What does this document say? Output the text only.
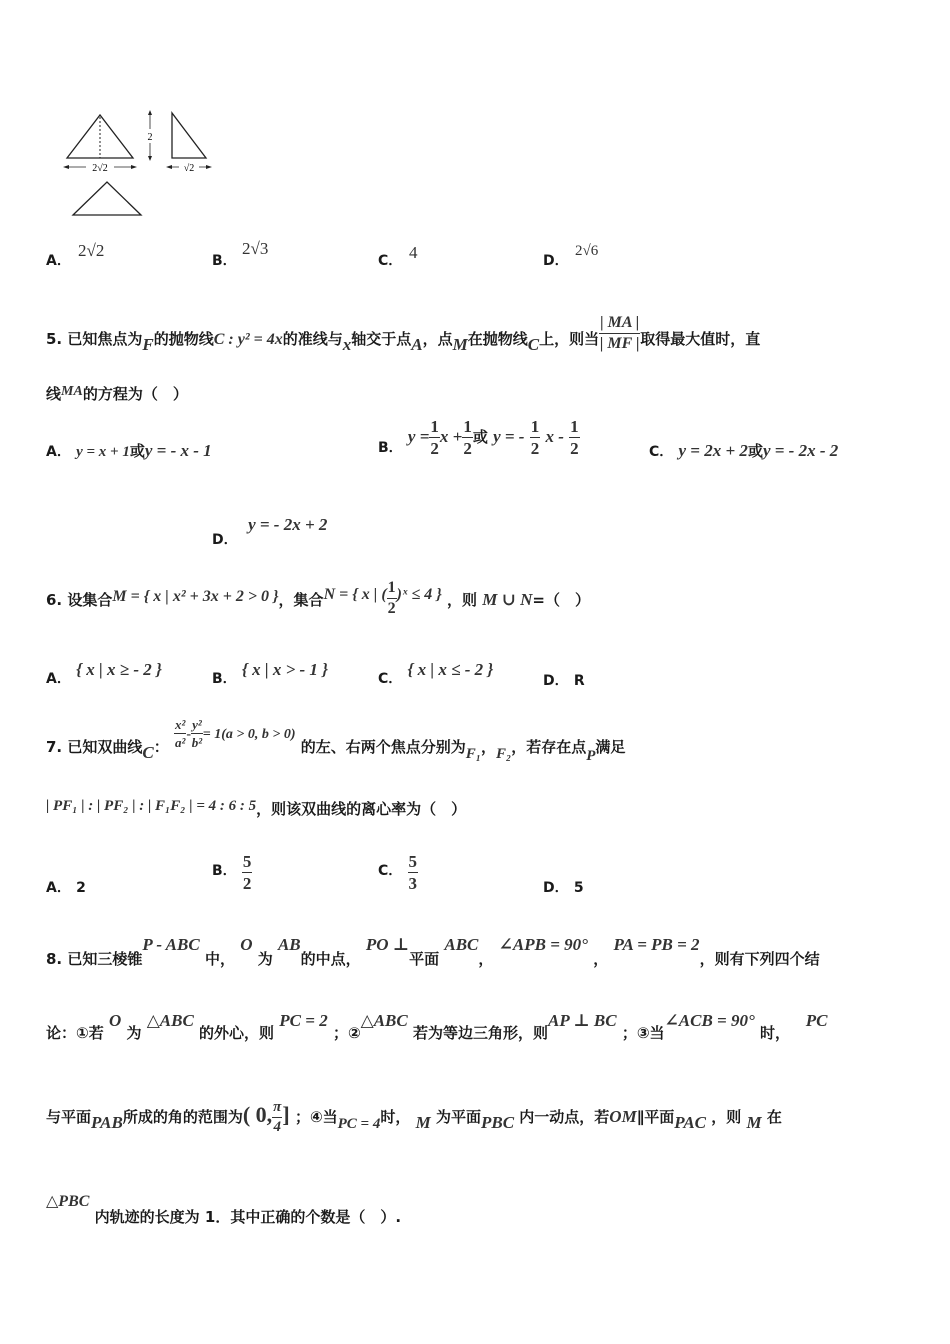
2
2√2	√2
A．
2√2
B．
2√3
C． 4	D．
2√6
5. 已知焦点为F的抛物线C : y² = 4x的准线与x轴交于点A，点M在抛物线C上，则当 $\frac{| MA |}{| MF |}$ 取得最大值时，直
线MA的方程为（　）
A． y = x + 1或y = - x - 1	B． $y = \frac{1}{2}$ $x + \frac{1}{2}$ 或 y = - $\frac{1}{2}$ x - $\frac{1}{2}$	C． y = 2x + 2或y = - 2x - 2
D．  y = - 2x + 2
6. 设集合M = { x | x² + 3x + 2 > 0 }，集合N = { x | ( $\frac{1}{2}$ )ˣ ≤ 4 } ，则 M ∪ N=（　）
A． { x | x ≥ - 2 }	B． { x | x > - 1 }	C． { x | x ≤ - 2 }
D． R
7. 已知双曲线C： $\frac{\text{x²}}{\text{a²}} - \frac{\text{y²}}{\text{b²}} = 1(a > 0$, b > 0) 的左、右两个焦点分别为F₁，F₂，若存在点P满足
| PF₁ | : | PF₂ | : | F₁F₂ | = 4 : 6 : 5，则该双曲线的离心率为（　）
A． 2
B． $\frac{5}{2}$	C． $\frac{5}{3}$	D． 5
8. 已知三棱锥P - ABC 中， O 为 AB的中点， PO ⊥平面 ABC， ∠APB = 90° ， PA = PB = 2，则有下列四个结
论：①若 O 为 △ABC 的外心，则 PC = 2 ；②△ABC 若为等边三角形，则AP ⊥ BC ；③当∠ACB = 90° 时，   PC
与平面PAB所成的角的范围为( 0, $\frac{\pi}{4}$ ] ；④当PC = 4时， M 为平面PBC 内一动点，若OM∥平面PAC ，则 M 在
△PBC 内轨迹的长度为 1．其中正确的个数是（　）.
